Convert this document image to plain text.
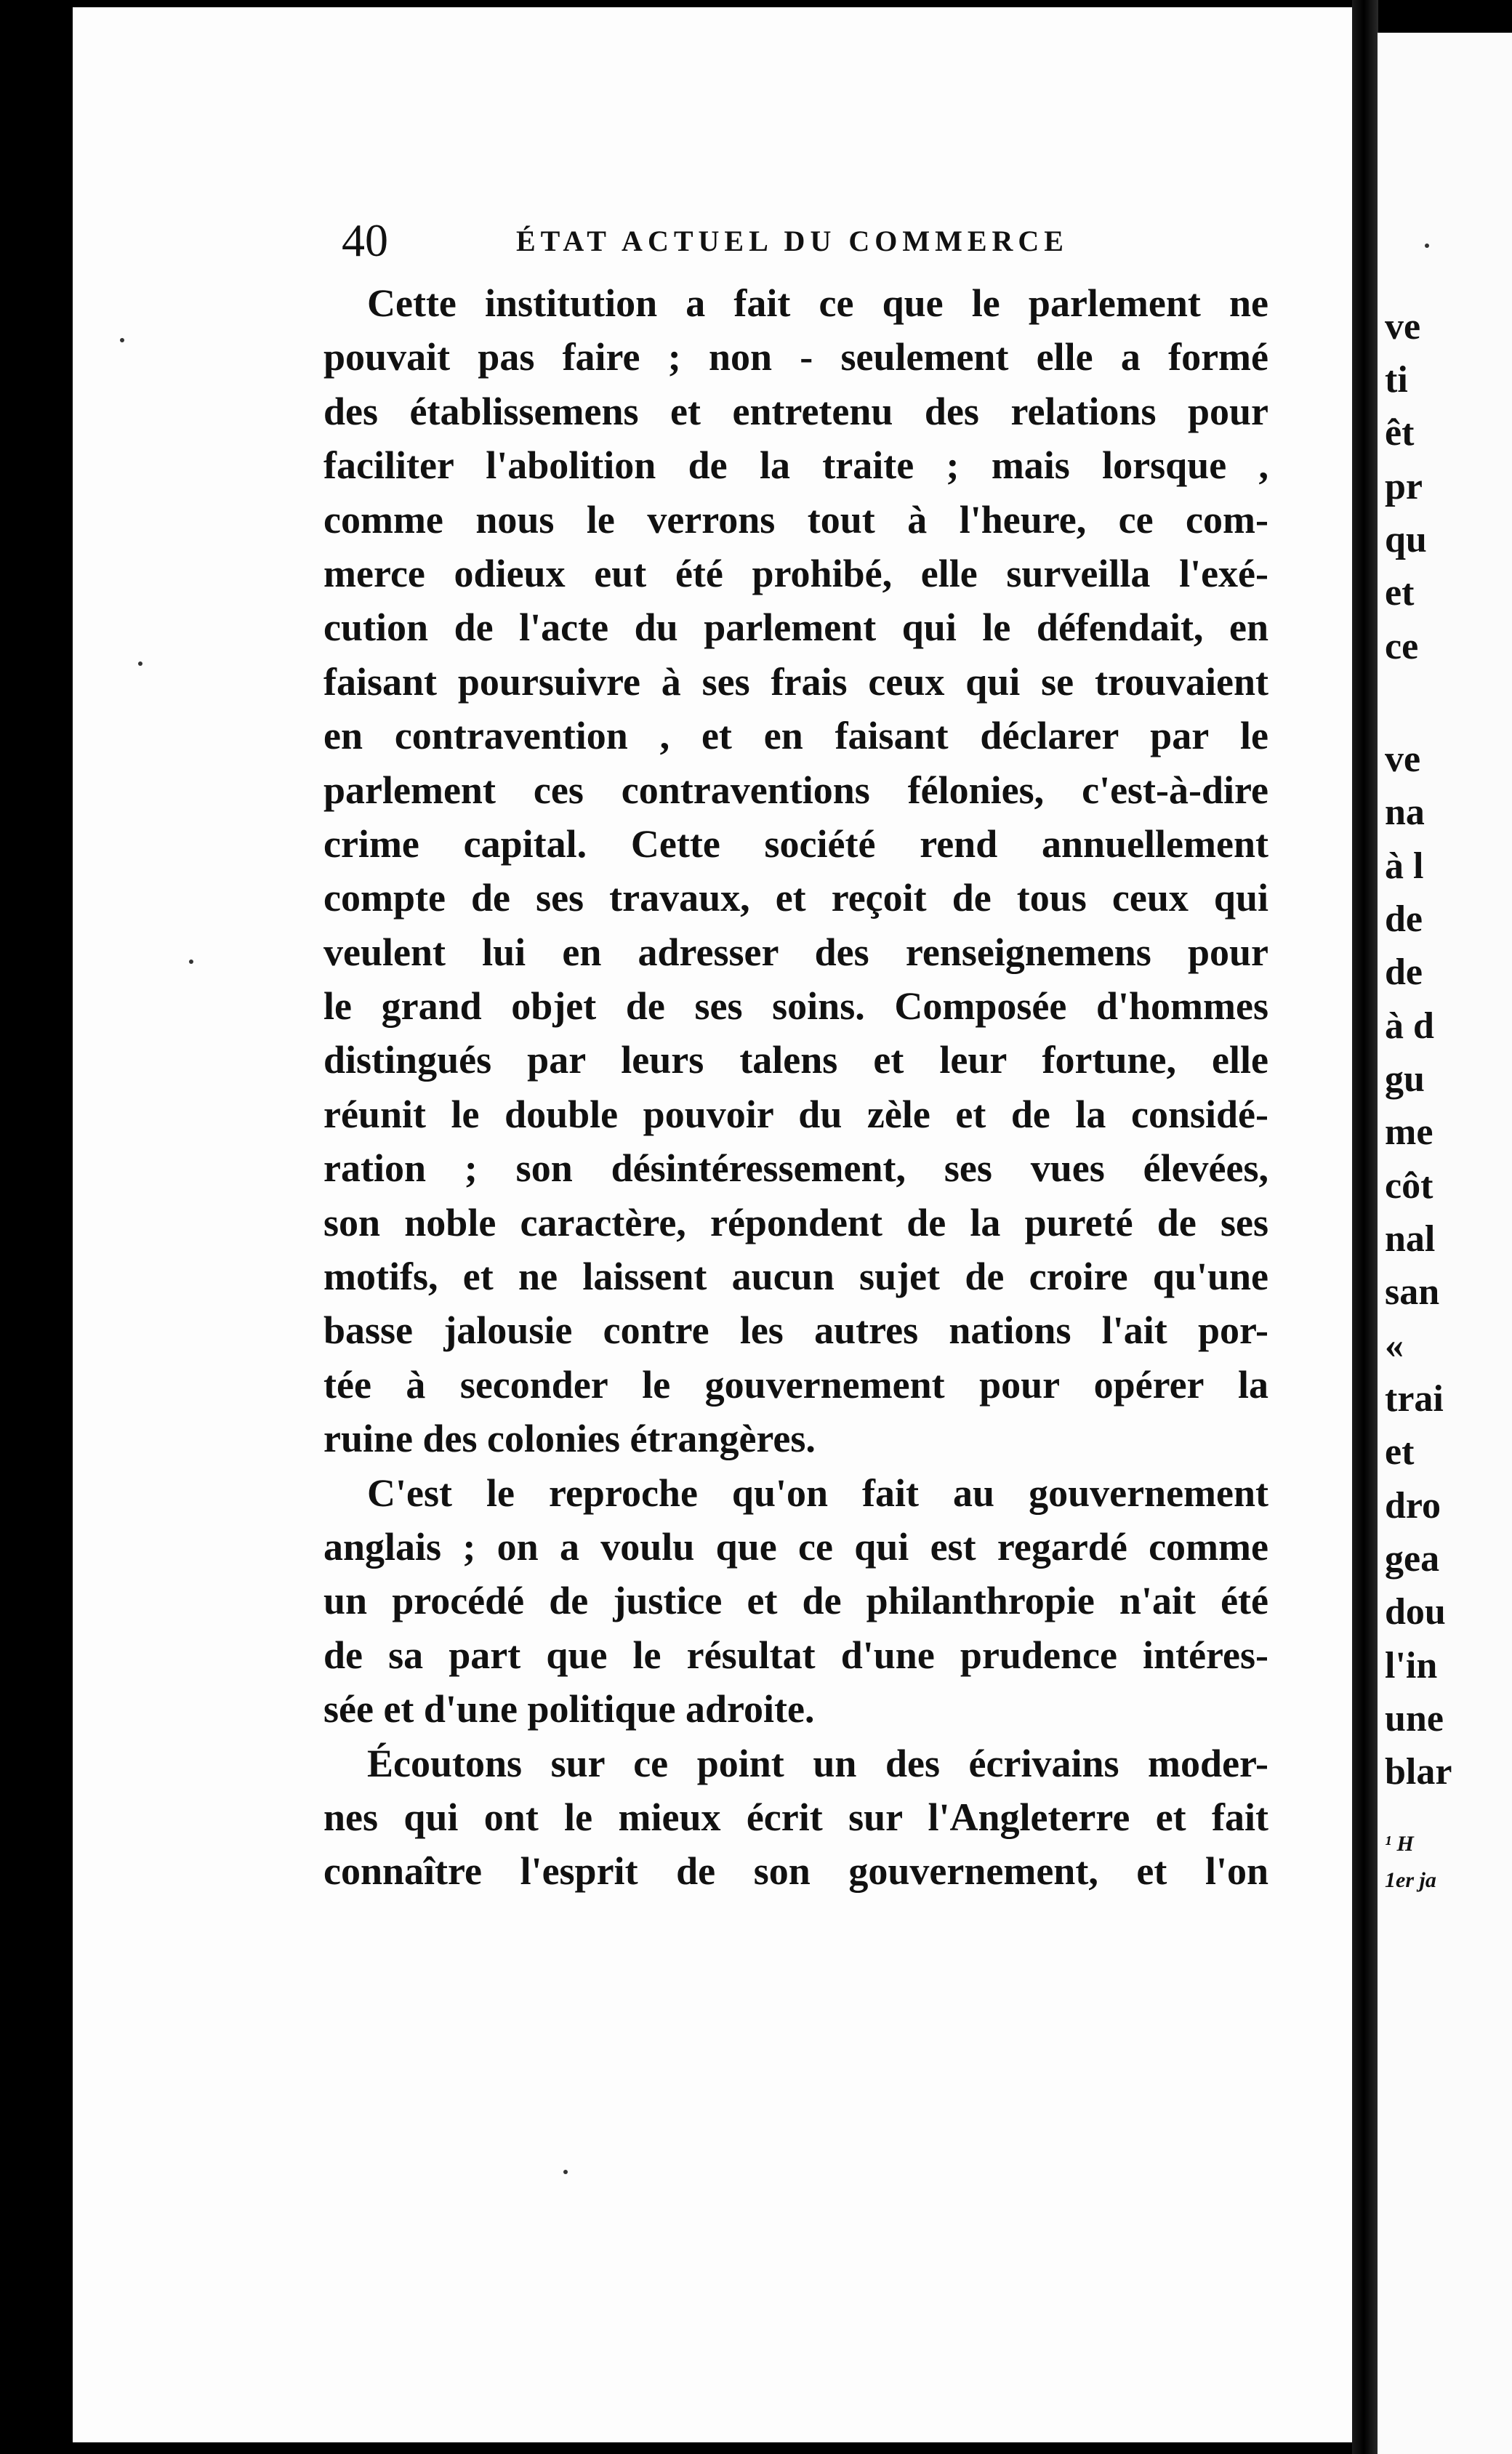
40	ÉTAT ACTUEL DU COMMERCE
Cette institution a fait ce que le parlement ne
pouvait pas faire ; non - seulement elle a formé
des établissemens et entretenu des relations pour
faciliter l'abolition de la traite ; mais lorsque ,
comme nous le verrons tout à l'heure, ce com-
merce odieux eut été prohibé, elle surveilla l'exé-
cution de l'acte du parlement qui le défendait, en
faisant poursuivre à ses frais ceux qui se trouvaient
en contravention , et en faisant déclarer par le
parlement ces contraventions félonies, c'est-à-dire
crime capital. Cette société rend annuellement
compte de ses travaux, et reçoit de tous ceux qui
veulent lui en adresser des renseignemens pour
le grand objet de ses soins. Composée d'hommes
distingués par leurs talens et leur fortune, elle
réunit le double pouvoir du zèle et de la considé-
ration ; son désintéressement, ses vues élevées,
son noble caractère, répondent de la pureté de ses
motifs, et ne laissent aucun sujet de croire qu'une
basse jalousie contre les autres nations l'ait por-
tée à seconder le gouvernement pour opérer la
ruine des colonies étrangères.
C'est le reproche qu'on fait au gouvernement
anglais ; on a voulu que ce qui est regardé comme
un procédé de justice et de philanthropie n'ait été
de sa part que le résultat d'une prudence intéres-
sée et d'une politique adroite.
Écoutons sur ce point un des écrivains moder-
nes qui ont le mieux écrit sur l'Angleterre et fait
connaître l'esprit de son gouvernement, et l'on
ve
ti
êt
pr
qu
et
ce
ve
na
à l
de
de
à d
gu
me
côt
nal
san
«
trai
et
dro
gea
dou
l'in
une
blar
¹ H
1er ja
